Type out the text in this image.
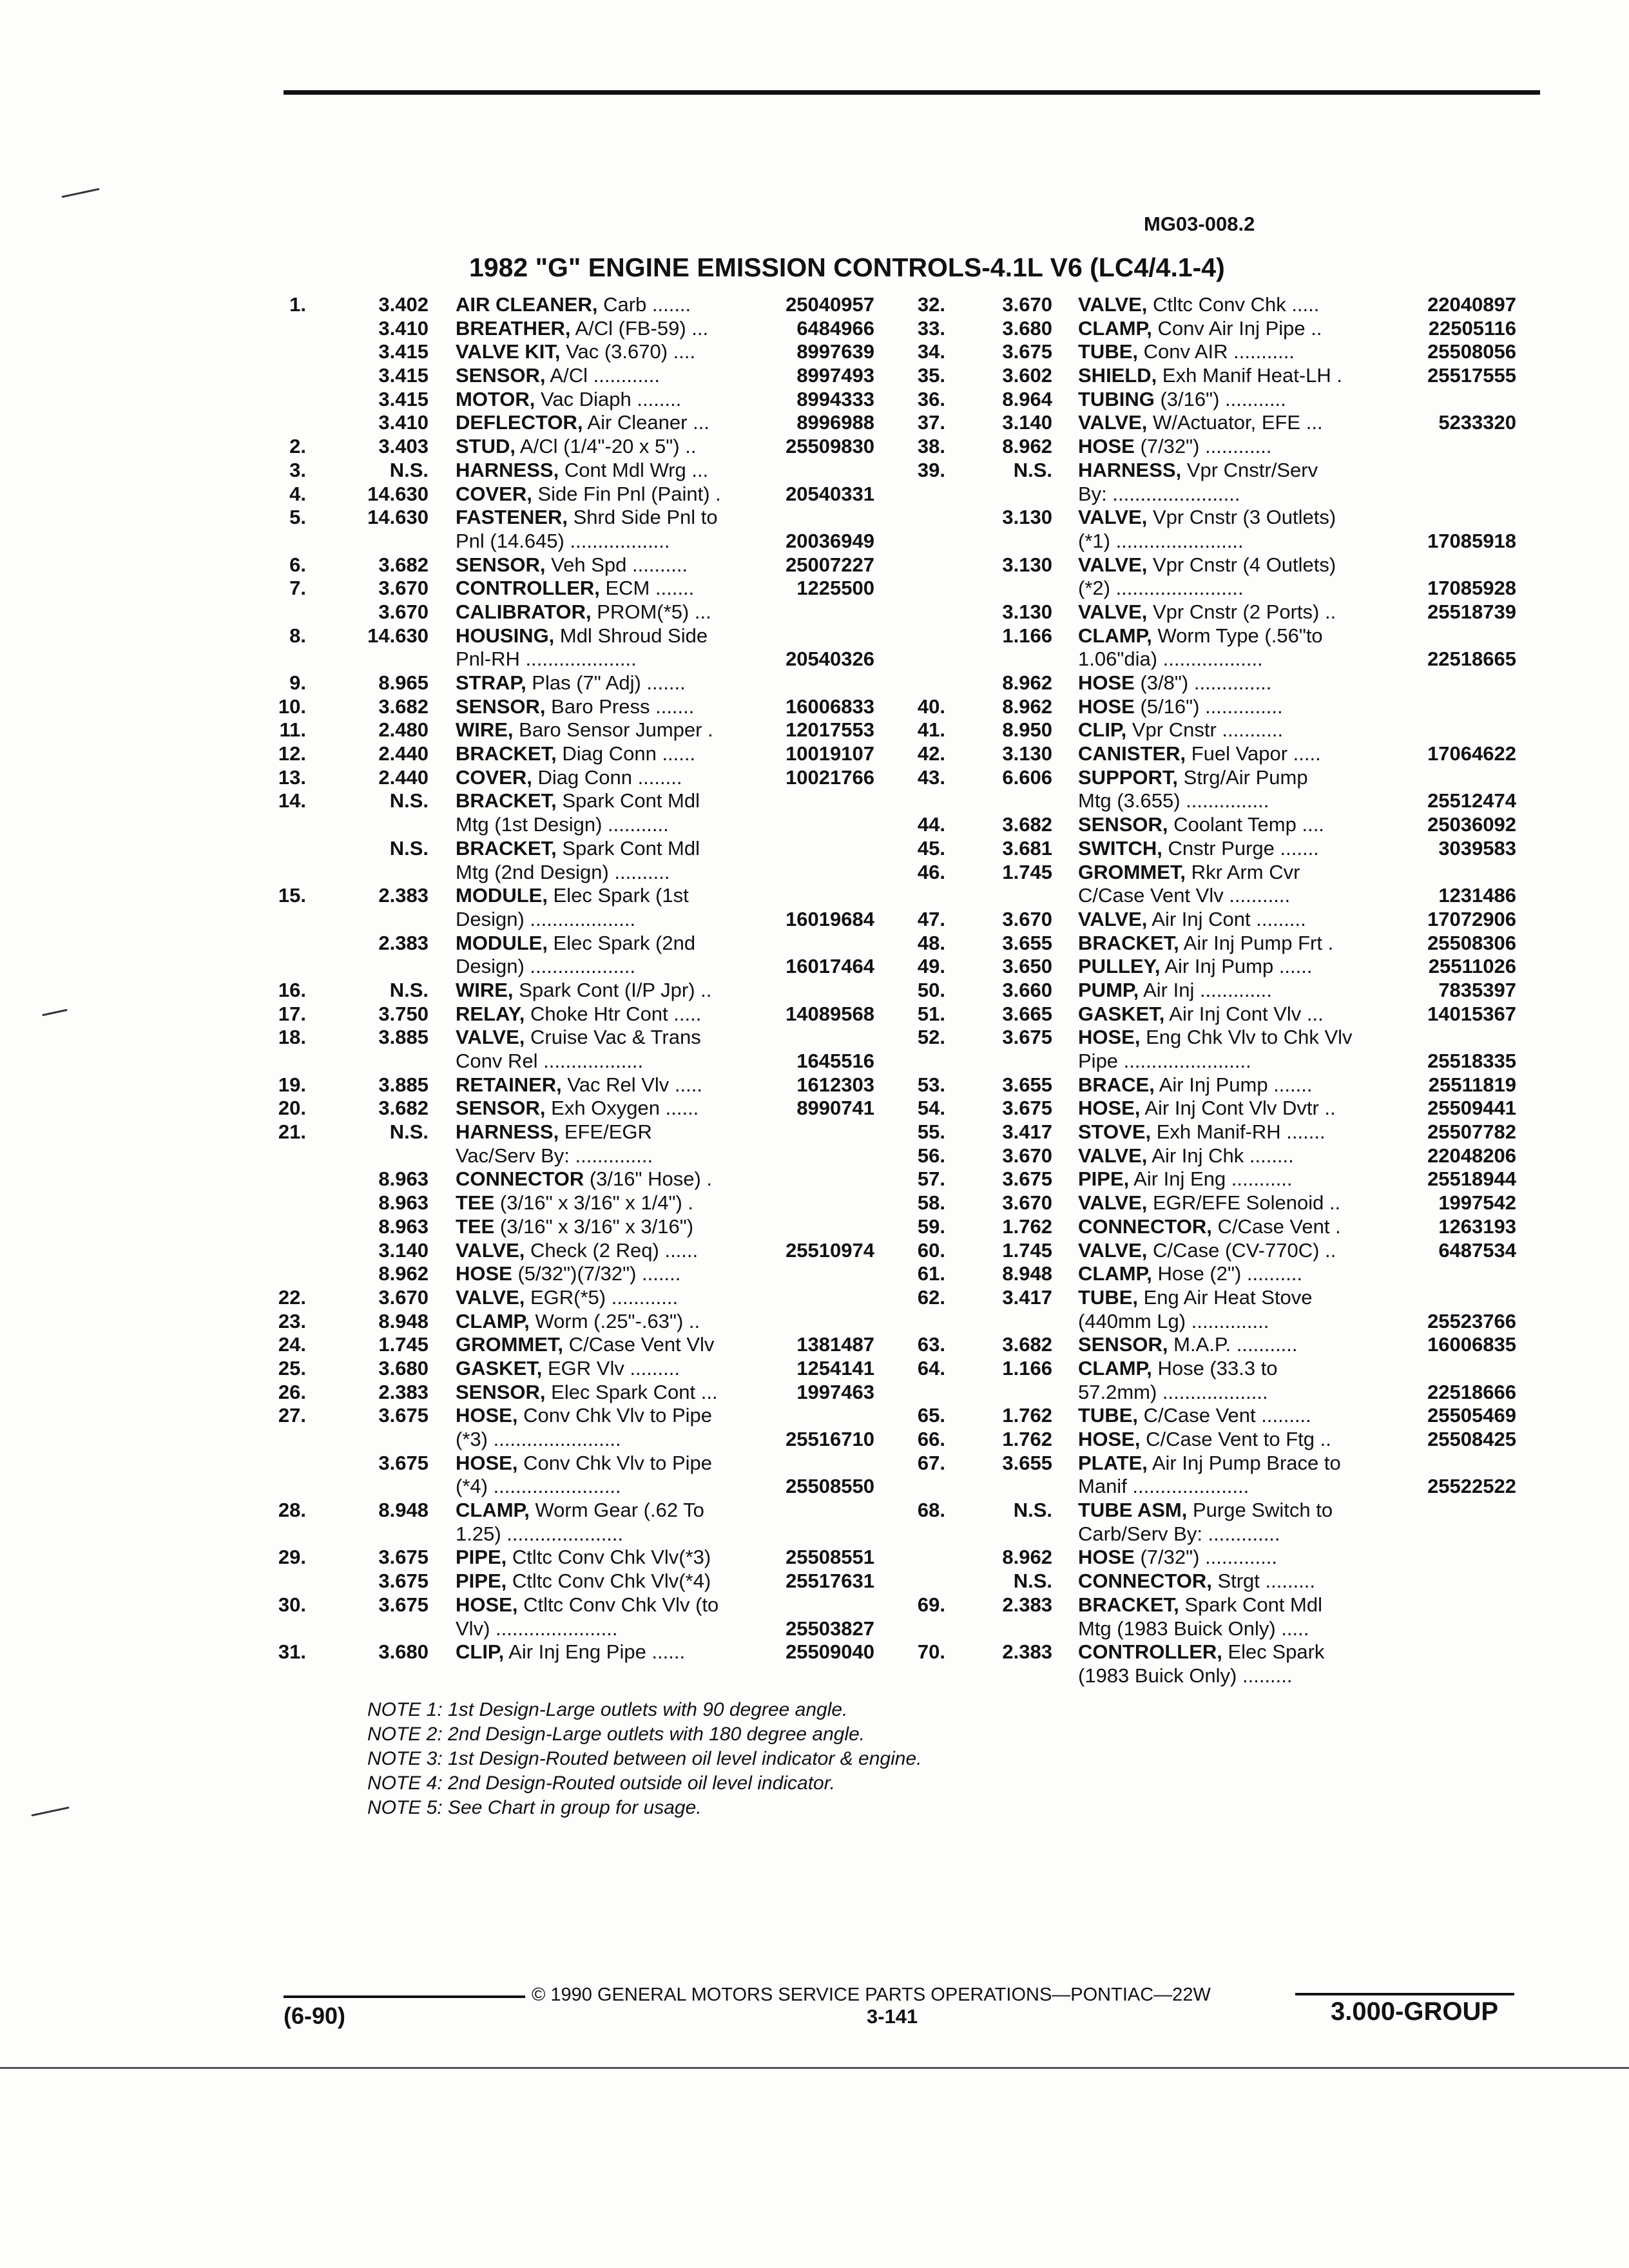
MG03-008.2
1982 "G" ENGINE EMISSION CONTROLS-4.1L V6 (LC4/4.1-4)
1.	3.402 AIR CLEANER, Carb .......	25040957
3.410 BREATHER, A/Cl (FB-59) ...	6484966
3.415 VALVE KIT, Vac (3.670) ....	8997639
3.415 SENSOR, A/Cl ............	8997493
3.415 MOTOR, Vac Diaph ........	8994333
3.410 DEFLECTOR, Air Cleaner ...	8996988
2.	3.403 STUD, A/Cl (1/4"-20 x 5") ..	25509830
3.	N.S. HARNESS, Cont Mdl Wrg ...
4.	14.630 COVER, Side Fin Pnl (Paint) .	20540331
5.	14.630 FASTENER, Shrd Side Pnl to
Pnl (14.645) ..................	20036949
6.	3.682 SENSOR, Veh Spd ..........	25007227
7.	3.670 CONTROLLER, ECM .......	1225500
3.670 CALIBRATOR, PROM(*5) ...
8.	14.630 HOUSING, Mdl Shroud Side
Pnl-RH ....................	20540326
9.	8.965 STRAP, Plas (7" Adj) .......
10.	3.682 SENSOR, Baro Press .......	16006833
11.	2.480 WIRE, Baro Sensor Jumper .	12017553
12.	2.440 BRACKET, Diag Conn ......	10019107
13.	2.440 COVER, Diag Conn ........	10021766
14.	N.S. BRACKET, Spark Cont Mdl
Mtg (1st Design) ...........
N.S. BRACKET, Spark Cont Mdl
Mtg (2nd Design) ..........
15.	2.383 MODULE, Elec Spark (1st
Design) ...................	16019684
2.383 MODULE, Elec Spark (2nd
Design) ...................	16017464
16.	N.S. WIRE, Spark Cont (I/P Jpr) ..
17.	3.750 RELAY, Choke Htr Cont .....	14089568
18.	3.885 VALVE, Cruise Vac & Trans
Conv Rel ..................	1645516
19.	3.885 RETAINER, Vac Rel Vlv .....	1612303
20.	3.682 SENSOR, Exh Oxygen ......	8990741
21.	N.S. HARNESS, EFE/EGR
Vac/Serv By: ..............
8.963 CONNECTOR (3/16" Hose) .
8.963 TEE (3/16" x 3/16" x 1/4") .
8.963 TEE (3/16" x 3/16" x 3/16")
3.140 VALVE, Check (2 Req) ......	25510974
8.962 HOSE (5/32")(7/32") .......
22.	3.670 VALVE, EGR(*5) ............
23.	8.948 CLAMP, Worm (.25"-.63") ..
24.	1.745 GROMMET, C/Case Vent Vlv	1381487
25.	3.680 GASKET, EGR Vlv .........	1254141
26.	2.383 SENSOR, Elec Spark Cont ...	1997463
27.	3.675 HOSE, Conv Chk Vlv to Pipe
(*3) .......................	25516710
3.675 HOSE, Conv Chk Vlv to Pipe
(*4) .......................	25508550
28.	8.948 CLAMP, Worm Gear (.62 To
1.25) .....................
29.	3.675 PIPE, Ctltc Conv Chk Vlv(*3)	25508551
3.675 PIPE, Ctltc Conv Chk Vlv(*4)	25517631
30.	3.675 HOSE, Ctltc Conv Chk Vlv (to
Vlv) ......................	25503827
31.	3.680 CLIP, Air Inj Eng Pipe ......	25509040
32.	3.670 VALVE, Ctltc Conv Chk .....	22040897
33.	3.680 CLAMP, Conv Air Inj Pipe ..	22505116
34.	3.675 TUBE, Conv AIR ...........	25508056
35.	3.602 SHIELD, Exh Manif Heat-LH .	25517555
36.	8.964 TUBING (3/16") ...........
37.	3.140 VALVE, W/Actuator, EFE ...	5233320
38.	8.962 HOSE (7/32") ............
39.	N.S. HARNESS, Vpr Cnstr/Serv
By: .......................
3.130 VALVE, Vpr Cnstr (3 Outlets)
(*1) .......................	17085918
3.130 VALVE, Vpr Cnstr (4 Outlets)
(*2) .......................	17085928
3.130 VALVE, Vpr Cnstr (2 Ports) ..	25518739
1.166 CLAMP, Worm Type (.56"to
1.06"dia) ..................	22518665
8.962 HOSE (3/8") ..............
40.	8.962 HOSE (5/16") ..............
41.	8.950 CLIP, Vpr Cnstr ...........
42.	3.130 CANISTER, Fuel Vapor .....	17064622
43.	6.606 SUPPORT, Strg/Air Pump
Mtg (3.655) ...............	25512474
44.	3.682 SENSOR, Coolant Temp ....	25036092
45.	3.681 SWITCH, Cnstr Purge .......	3039583
46.	1.745 GROMMET, Rkr Arm Cvr
C/Case Vent Vlv ...........	1231486
47.	3.670 VALVE, Air Inj Cont .........	17072906
48.	3.655 BRACKET, Air Inj Pump Frt .	25508306
49.	3.650 PULLEY, Air Inj Pump ......	25511026
50.	3.660 PUMP, Air Inj .............	7835397
51.	3.665 GASKET, Air Inj Cont Vlv ...	14015367
52.	3.675 HOSE, Eng Chk Vlv to Chk Vlv
Pipe .......................	25518335
53.	3.655 BRACE, Air Inj Pump .......	25511819
54.	3.675 HOSE, Air Inj Cont Vlv Dvtr ..	25509441
55.	3.417 STOVE, Exh Manif-RH .......	25507782
56.	3.670 VALVE, Air Inj Chk ........	22048206
57.	3.675 PIPE, Air Inj Eng ...........	25518944
58.	3.670 VALVE, EGR/EFE Solenoid ..	1997542
59.	1.762 CONNECTOR, C/Case Vent .	1263193
60.	1.745 VALVE, C/Case (CV-770C) ..	6487534
61.	8.948 CLAMP, Hose (2") ..........
62.	3.417 TUBE, Eng Air Heat Stove
(440mm Lg) ..............	25523766
63.	3.682 SENSOR, M.A.P. ...........	16006835
64.	1.166 CLAMP, Hose (33.3 to
57.2mm) ...................	22518666
65.	1.762 TUBE, C/Case Vent .........	25505469
66.	1.762 HOSE, C/Case Vent to Ftg ..	25508425
67.	3.655 PLATE, Air Inj Pump Brace to
Manif .....................	25522522
68.	N.S. TUBE ASM, Purge Switch to
Carb/Serv By: .............
8.962 HOSE (7/32") .............
N.S. CONNECTOR, Strgt .........
69.	2.383 BRACKET, Spark Cont Mdl
Mtg (1983 Buick Only) .....
70.	2.383 CONTROLLER, Elec Spark
(1983 Buick Only) .........
NOTE 1: 1st Design-Large outlets with 90 degree angle.
NOTE 2: 2nd Design-Large outlets with 180 degree angle.
NOTE 3: 1st Design-Routed between oil level indicator & engine.
NOTE 4: 2nd Design-Routed outside oil level indicator.
NOTE 5: See Chart in group for usage.
© 1990 GENERAL MOTORS SERVICE PARTS OPERATIONS—PONTIAC—22W
(6-90)	3-141	3.000-GROUP
